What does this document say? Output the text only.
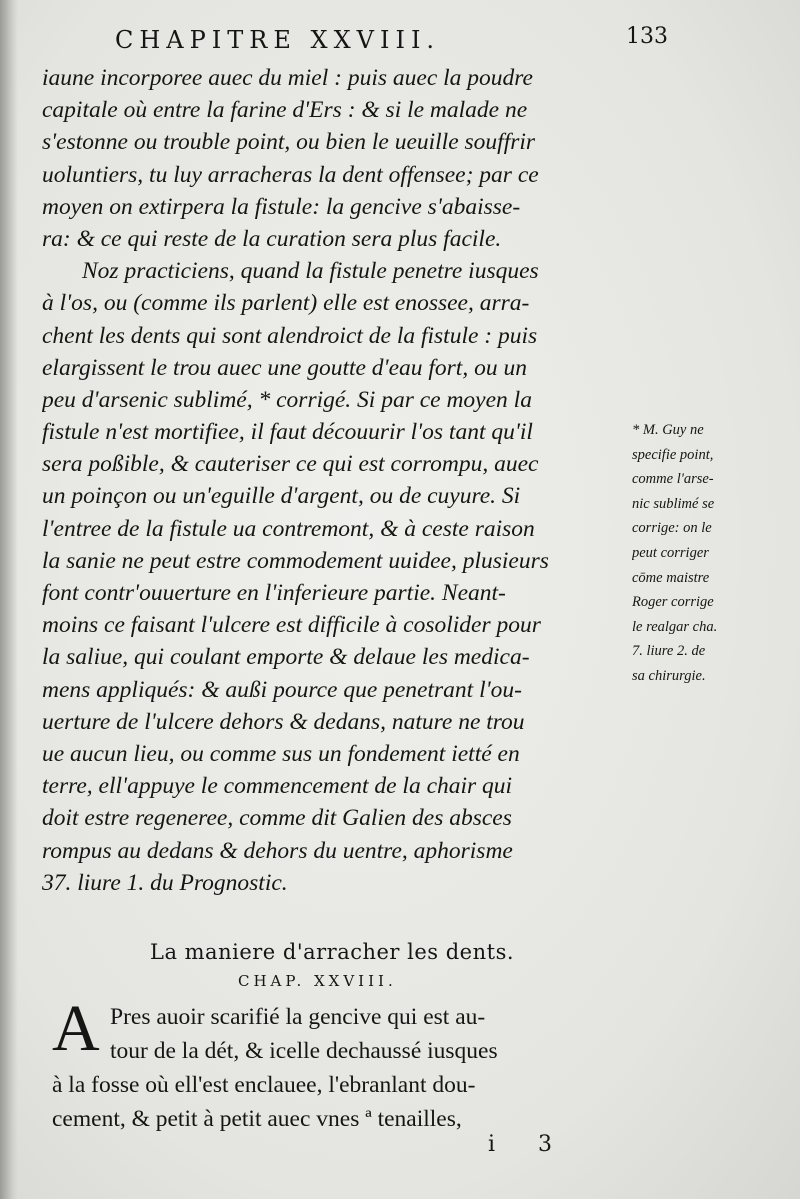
CHAPITRE XXVIII.	133
iaune incorporee auec du miel : puis auec la poudre
capitale où entre la farine d'Ers : & si le malade ne
s'estonne ou trouble point, ou bien le ueuille souffrir
uoluntiers, tu luy arracheras la dent offensee; par ce
moyen on extirpera la fistule: la gencive s'abaisse-
ra: & ce qui reste de la curation sera plus facile.
Noz practiciens, quand la fistule penetre iusques
à l'os, ou (comme ils parlent) elle est enossee, arra-
chent les dents qui sont alendroict de la fistule : puis
elargissent le trou auec une goutte d'eau fort, ou un
peu d'arsenic sublimé, * corrigé. Si par ce moyen la
fistule n'est mortifiee, il faut découurir l'os tant qu'il
sera poßible, & cauteriser ce qui est corrompu, auec
un poinçon ou un'eguille d'argent, ou de cuyure. Si
l'entree de la fistule ua contremont, & à ceste raison
la sanie ne peut estre commodement uuidee, plusieurs
font contr'ouuerture en l'inferieure partie. Neant-
moins ce faisant l'ulcere est difficile à cosolider pour
la saliue, qui coulant emporte & delaue les medica-
mens appliqués: & außi pource que penetrant l'ou-
uerture de l'ulcere dehors & dedans, nature ne trou
ue aucun lieu, ou comme sus un fondement ietté en
terre, ell'appuye le commencement de la chair qui
doit estre regeneree, comme dit Galien des absces
rompus au dedans & dehors du uentre, aphorisme
37. liure 1. du Prognostic.
* M. Guy ne
specifie point,
comme l'arse-
nic sublimé se
corrige: on le
peut corriger
cōme maistre
Roger corrige
le realgar cha.
7. liure 2. de
sa chirurgie.
La maniere d'arracher les dents.
CHAP. XXVIII.
A Pres auoir scarifié la gencive qui est au-
tour de la dét, & icelle dechaussé iusques
à la fosse où ell'est enclauee, l'ebranlant dou-
cement, & petit à petit auec vnes ª tenailles,
i 3
